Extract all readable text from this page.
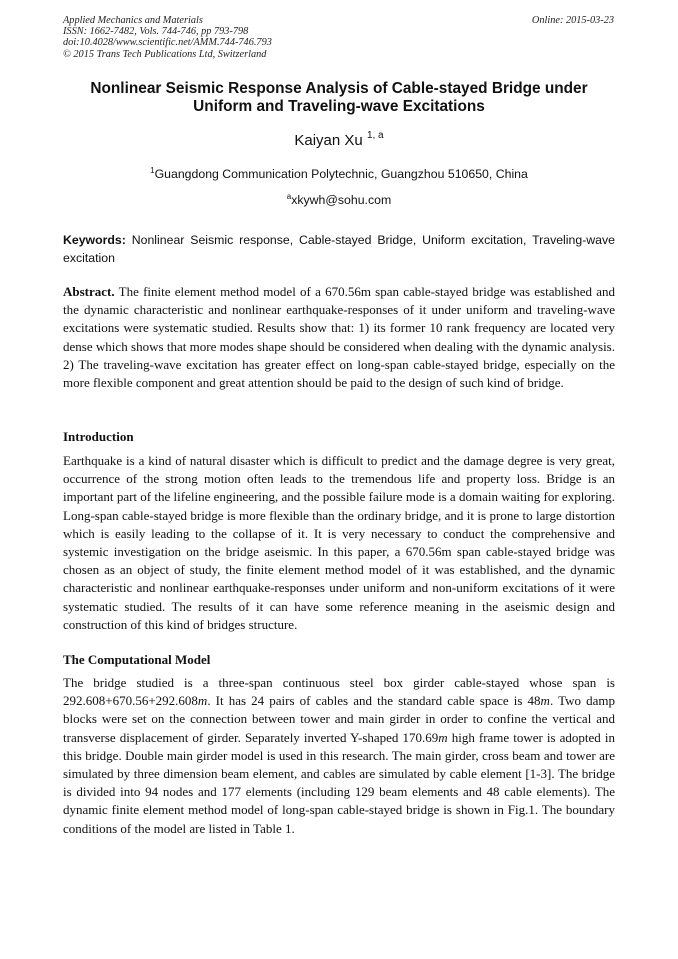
Applied Mechanics and Materials
ISSN: 1662-7482, Vols. 744-746, pp 793-798
doi:10.4028/www.scientific.net/AMM.744-746.793
© 2015 Trans Tech Publications Ltd, Switzerland
Online: 2015-03-23
Nonlinear Seismic Response Analysis of Cable-stayed Bridge under Uniform and Traveling-wave Excitations
Kaiyan Xu $^{1, a}$
$^1$Guangdong Communication Polytechnic, Guangzhou 510650, China
$^a$xkywh@sohu.com
Keywords: Nonlinear Seismic response, Cable-stayed Bridge, Uniform excitation, Traveling-wave excitation
Abstract. The finite element method model of a 670.56m span cable-stayed bridge was established and the dynamic characteristic and nonlinear earthquake-responses of it under uniform and traveling-wave excitations were systematic studied. Results show that: 1) its former 10 rank frequency are located very dense which shows that more modes shape should be considered when dealing with the dynamic analysis. 2) The traveling-wave excitation has greater effect on long-span cable-stayed bridge, especially on the more flexible component and great attention should be paid to the design of such kind of bridge.
Introduction
Earthquake is a kind of natural disaster which is difficult to predict and the damage degree is very great, occurrence of the strong motion often leads to the tremendous life and property loss. Bridge is an important part of the lifeline engineering, and the possible failure mode is a domain waiting for exploring. Long-span cable-stayed bridge is more flexible than the ordinary bridge, and it is prone to large distortion which is easily leading to the collapse of it. It is very necessary to conduct the comprehensive and systemic investigation on the bridge aseismic. In this paper, a 670.56m span cable-stayed bridge was chosen as an object of study, the finite element method model of it was established, and the dynamic characteristic and nonlinear earthquake-responses under uniform and non-uniform excitations of it were systematic studied. The results of it can have some reference meaning in the aseismic design and construction of this kind of bridges structure.
The Computational Model
The bridge studied is a three-span continuous steel box girder cable-stayed whose span is 292.608+670.56+292.608m. It has 24 pairs of cables and the standard cable space is 48m. Two damp blocks were set on the connection between tower and main girder in order to confine the vertical and transverse displacement of girder. Separately inverted Y-shaped 170.69m high frame tower is adopted in this bridge. Double main girder model is used in this research. The main girder, cross beam and tower are simulated by three dimension beam element, and cables are simulated by cable element [1-3]. The bridge is divided into 94 nodes and 177 elements (including 129 beam elements and 48 cable elements). The dynamic finite element method model of long-span cable-stayed bridge is shown in Fig.1. The boundary conditions of the model are listed in Table 1.
